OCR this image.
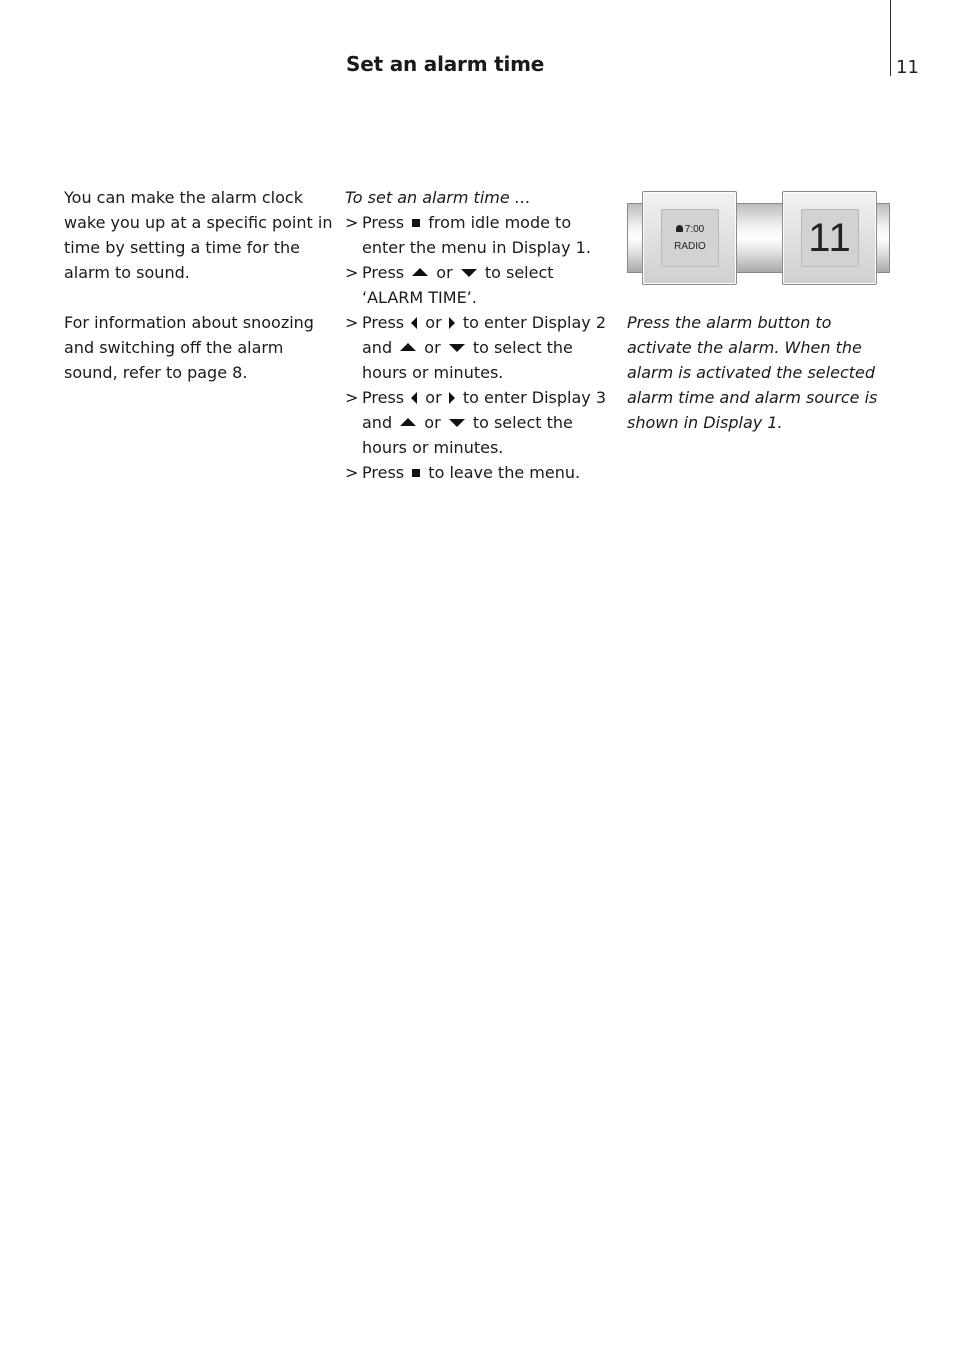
Set an alarm time	11

You can make the alarm clock wake you up at a specific point in time by setting a time for the alarm to sound.

For information about snoozing and switching off the alarm sound, refer to page 8.

To set an alarm time …

> Press  from idle mode to enter the menu in Display 1.

> Press  or  to select ‘ALARM TIME’.

> Press  or  to enter Display 2 and  or  to select the hours or minutes.

> Press  or  to enter Display 3 and  or  to select the hours or minutes.

> Press  to leave the menu.

7:00
RADIO	11

Press the alarm button to activate the alarm. When the alarm is activated the selected alarm time and alarm source is shown in Display 1.
